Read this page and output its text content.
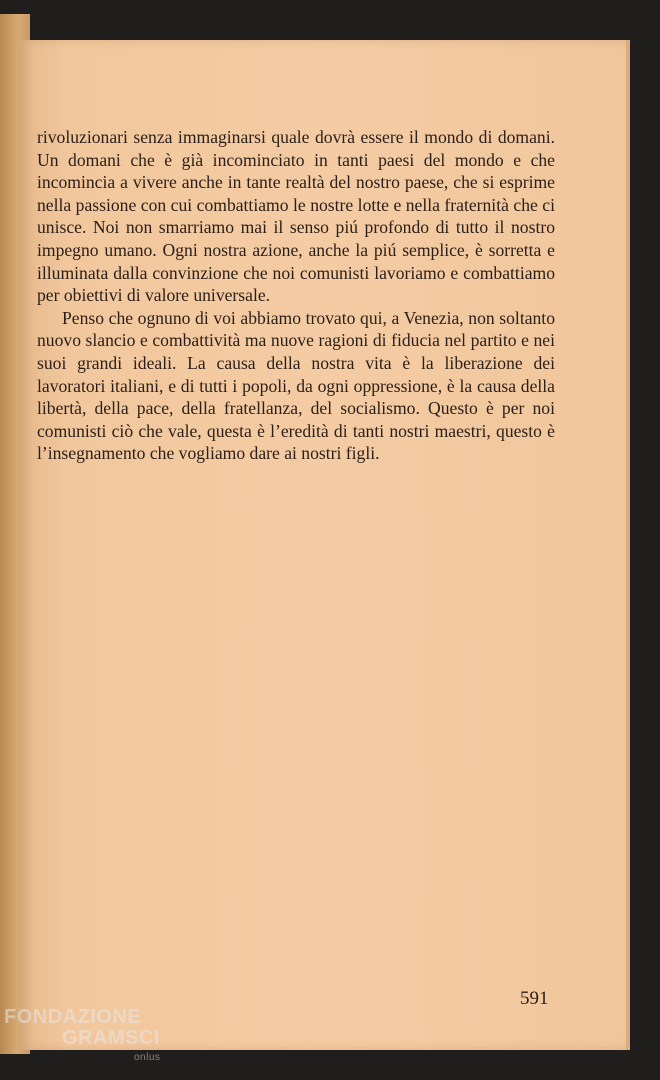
rivoluzionari senza immaginarsi quale dovrà essere il mondo di domani. Un domani che è già incominciato in tanti paesi del mondo e che incomincia a vivere anche in tante realtà del nostro paese, che si esprime nella passione con cui combattiamo le nostre lotte e nella fraternità che ci unisce. Noi non smarriamo mai il senso piú profondo di tutto il nostro impegno umano. Ogni nostra azione, anche la piú semplice, è sorretta e illuminata dalla convinzione che noi comunisti lavoriamo e combattiamo per obiettivi di valore universale.

Penso che ognuno di voi abbiamo trovato qui, a Venezia, non soltanto nuovo slancio e combattività ma nuove ragioni di fiducia nel partito e nei suoi grandi ideali. La causa della nostra vita è la liberazione dei lavoratori italiani, e di tutti i popoli, da ogni oppressione, è la causa della libertà, della pace, della fratellanza, del socialismo. Questo è per noi comunisti ciò che vale, questa è l’eredità di tanti nostri maestri, questo è l’insegnamento che vogliamo dare ai nostri figli.

591
FONDAZIONE
GRAMSCI
onlus
